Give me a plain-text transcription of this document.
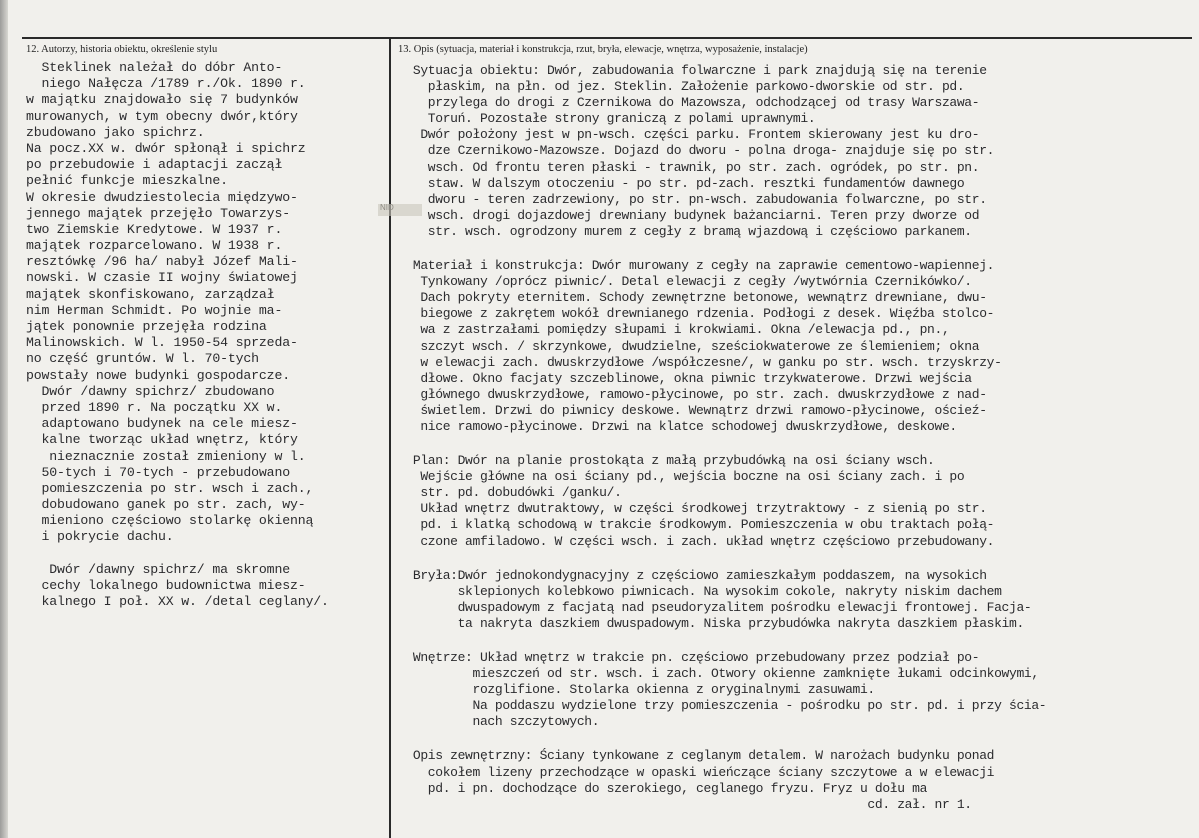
12. Autorzy, historia obiektu, określenie stylu	13. Opis (sytuacja, materiał i konstrukcja, rzut, bryła, elewacje, wnętrza, wyposażenie, instalacje)
NID
Steklinek należał do dóbr Anto-
niego Nałęcza /1789 r./Ok. 1890 r.
w majątku znajdowało się 7 budynków
murowanych, w tym obecny dwór,który
zbudowano jako spichrz.
Na pocz.XX w. dwór spłonął i spichrz
po przebudowie i adaptacji zaczął
pełnić funkcje mieszkalne.
W okresie dwudziestolecia międzywo-
jennego majątek przejęło Towarzys-
two Ziemskie Kredytowe. W 1937 r.
majątek rozparcelowano. W 1938 r.
resztówkę /96 ha/ nabył Józef Mali-
nowski. W czasie II wojny światowej
majątek skonfiskowano, zarządzał
nim Herman Schmidt. Po wojnie ma-
jątek ponownie przejęła rodzina
Malinowskich. W l. 1950-54 sprzeda-
no część gruntów. W l. 70-tych
powstały nowe budynki gospodarcze.
Dwór /dawny spichrz/ zbudowano
przed 1890 r. Na początku XX w.
adaptowano budynek na cele miesz-
kalne tworząc układ wnętrz, który
nieznacznie został zmieniony w l.
50-tych i 70-tych - przebudowano
pomieszczenia po str. wsch i zach.,
dobudowano ganek po str. zach, wy-
mieniono częściowo stolarkę okienną
i pokrycie dachu.
Dwór /dawny spichrz/ ma skromne
cechy lokalnego budownictwa miesz-
kalnego I poł. XX w. /detal ceglany/.
Sytuacja obiektu: Dwór, zabudowania folwarczne i park znajdują się na terenie
płaskim, na płn. od jez. Steklin. Założenie parkowo-dworskie od str. pd.
przylega do drogi z Czernikowa do Mazowsza, odchodzącej od trasy Warszawa-
Toruń. Pozostałe strony graniczą z polami uprawnymi.
Dwór położony jest w pn-wsch. części parku. Frontem skierowany jest ku dro-
dze Czernikowo-Mazowsze. Dojazd do dworu - polna droga- znajduje się po str.
wsch. Od frontu teren płaski - trawnik, po str. zach. ogródek, po str. pn.
staw. W dalszym otoczeniu - po str. pd-zach. resztki fundamentów dawnego
dworu - teren zadrzewiony, po str. pn-wsch. zabudowania folwarczne, po str.
wsch. drogi dojazdowej drewniany budynek bażanciarni. Teren przy dworze od
str. wsch. ogrodzony murem z cegły z bramą wjazdową i częściowo parkanem.
Materiał i konstrukcja: Dwór murowany z cegły na zaprawie cementowo-wapiennej.
Tynkowany /oprócz piwnic/. Detal elewacji z cegły /wytwórnia Czernikówko/.
Dach pokryty eternitem. Schody zewnętrzne betonowe, wewnątrz drewniane, dwu-
biegowe z zakrętem wokół drewnianego rdzenia. Podłogi z desek. Więźba stolco-
wa z zastrzałami pomiędzy słupami i krokwiami. Okna /elewacja pd., pn.,
szczyt wsch. / skrzynkowe, dwudzielne, sześciokwaterowe ze ślemieniem; okna
w elewacji zach. dwuskrzydłowe /współczesne/, w ganku po str. wsch. trzyskrzy-
dłowe. Okno facjaty szczeblinowe, okna piwnic trzykwaterowe. Drzwi wejścia
głównego dwuskrzydłowe, ramowo-płycinowe, po str. zach. dwuskrzydłowe z nad-
świetlem. Drzwi do piwnicy deskowe. Wewnątrz drzwi ramowo-płycinowe, ościeź-
nice ramowo-płycinowe. Drzwi na klatce schodowej dwuskrzydłowe, deskowe.
Plan: Dwór na planie prostokąta z małą przybudówką na osi ściany wsch.
Wejście główne na osi ściany pd., wejścia boczne na osi ściany zach. i po
str. pd. dobudówki /ganku/.
Układ wnętrz dwutraktowy, w części środkowej trzytraktowy - z sienią po str.
pd. i klatką schodową w trakcie środkowym. Pomieszczenia w obu traktach połą-
czone amfiladowo. W części wsch. i zach. układ wnętrz częściowo przebudowany.
Bryła:Dwór jednokondygnacyjny z częściowo zamieszkałym poddaszem, na wysokich
sklepionych kolebkowo piwnicach. Na wysokim cokole, nakryty niskim dachem
dwuspadowym z facjatą nad pseudoryzalitem pośrodku elewacji frontowej. Facja-
ta nakryta daszkiem dwuspadowym. Niska przybudówka nakryta daszkiem płaskim.
Wnętrze: Układ wnętrz w trakcie pn. częściowo przebudowany przez podział po-
mieszczeń od str. wsch. i zach. Otwory okienne zamknięte łukami odcinkowymi,
rozglifione. Stolarka okienna z oryginalnymi zasuwami.
Na poddaszu wydzielone trzy pomieszczenia - pośrodku po str. pd. i przy ścia-
nach szczytowych.
Opis zewnętrzny: Ściany tynkowane z ceglanym detalem. W narożach budynku ponad
cokołem lizeny przechodzące w opaski wieńczące ściany szczytowe a w elewacji
pd. i pn. dochodzące do szerokiego, ceglanego fryzu. Fryz u dołu ma
cd. zał. nr 1.
